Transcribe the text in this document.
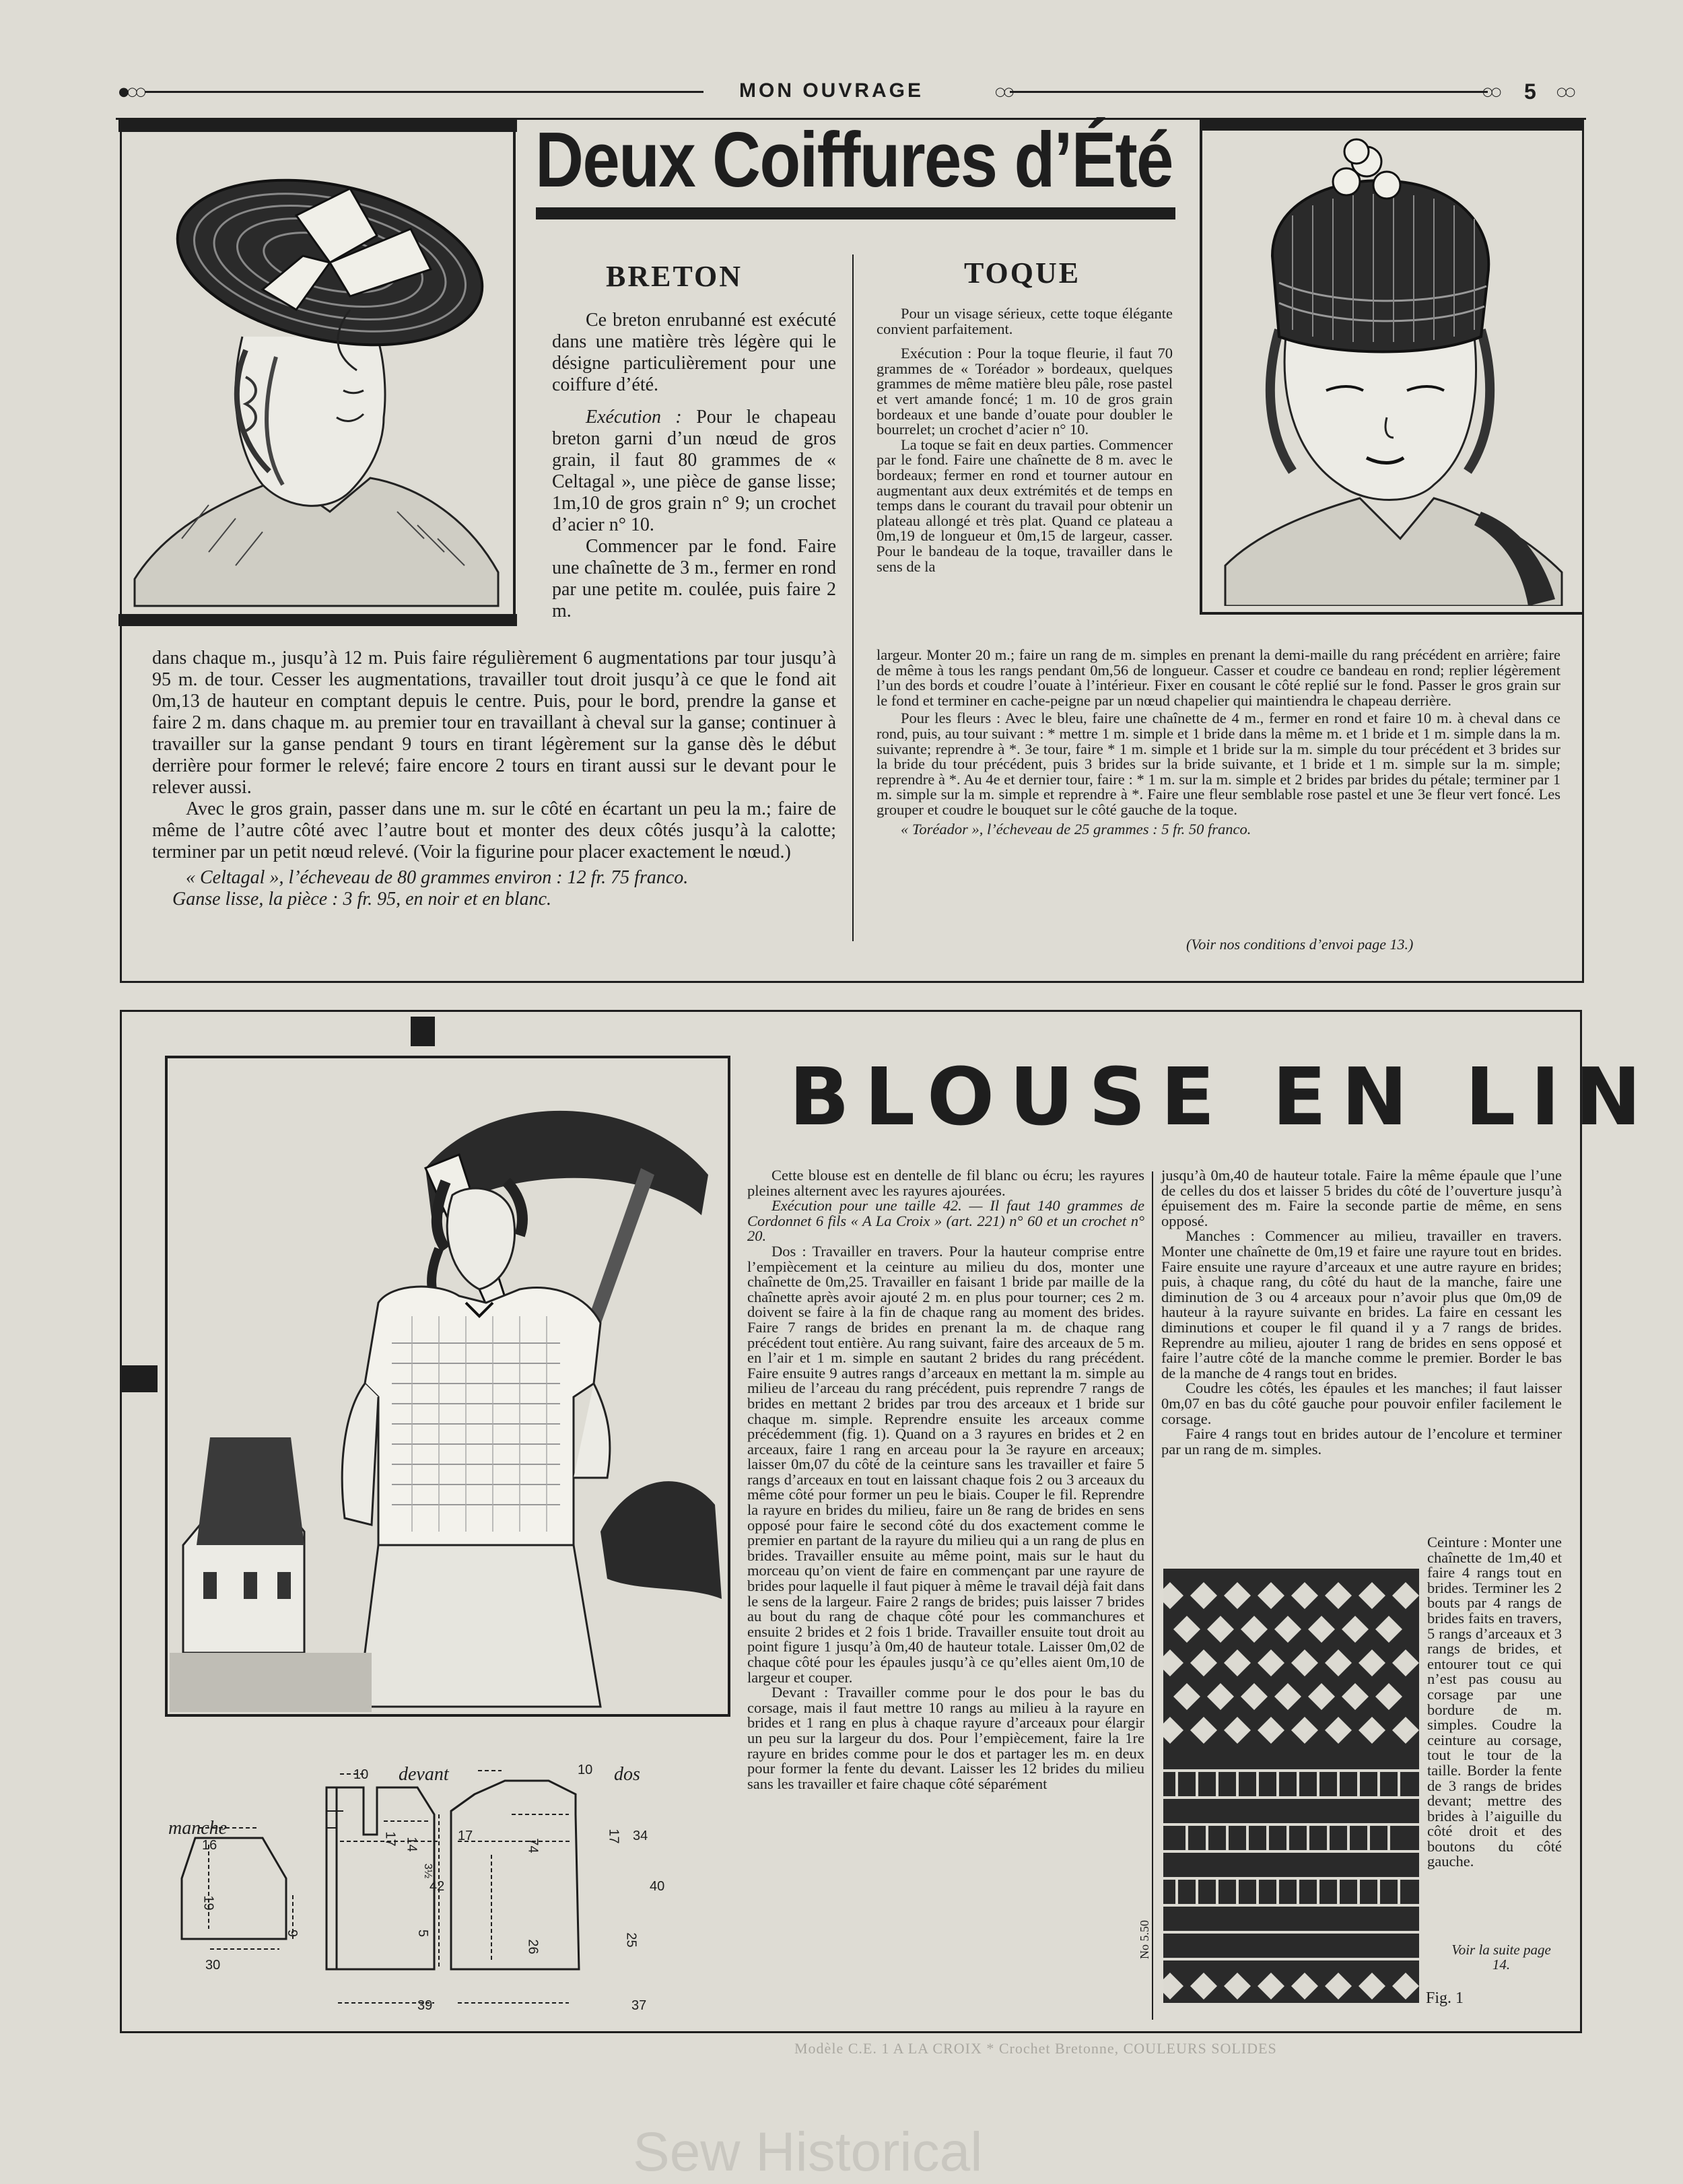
●○○	MON OUVRAGE	○○	○○ 5 ○○
Deux Coiffures d’Été
BRETON

Ce breton enrubanné est exécuté dans une matière très légère qui le désigne particulièrement pour une coiffure d’été.

Exécution : Pour le chapeau breton garni d’un nœud de gros grain, il faut 80 grammes de « Celtagal », une pièce de ganse lisse; 1m,10 de gros grain n° 9; un crochet d’acier n° 10.

Commencer par le fond. Faire une chaînette de 3 m., fermer en rond par une petite m. coulée, puis faire 2 m.

dans chaque m., jusqu’à 12 m. Puis faire régulièrement 6 augmentations par tour jusqu’à 95 m. de tour. Cesser les augmentations, travailler tout droit jusqu’à ce que le fond ait 0m,13 de hauteur en comptant depuis le centre. Puis, pour le bord, prendre la ganse et faire 2 m. dans chaque m. au premier tour en travaillant à cheval sur la ganse; continuer à travailler sur la ganse pendant 9 tours en tirant légèrement sur la ganse dès le début derrière pour former le relevé; faire encore 2 tours en tirant aussi sur le devant pour le relever aussi.

Avec le gros grain, passer dans une m. sur le côté en écartant un peu la m.; faire de même de l’autre côté avec l’autre bout et monter des deux côtés jusqu’à la calotte; terminer par un petit nœud relevé. (Voir la figurine pour placer exactement le nœud.)

« Celtagal », l’écheveau de 80 grammes environ : 12 fr. 75 franco.

Ganse lisse, la pièce : 3 fr. 95, en noir et en blanc.

TOQUE

Pour un visage sérieux, cette toque élégante convient parfaitement.

Exécution : Pour la toque fleurie, il faut 70 grammes de « Toréador » bordeaux, quelques grammes de même matière bleu pâle, rose pastel et vert amande foncé; 1 m. 10 de gros grain bordeaux et une bande d’ouate pour doubler le bourrelet; un crochet d’acier n° 10.

La toque se fait en deux parties. Commencer par le fond. Faire une chaînette de 8 m. avec le bordeaux; fermer en rond et tourner autour en augmentant aux deux extrémités et de temps en temps dans le courant du travail pour obtenir un plateau allongé et très plat. Quand ce plateau a 0m,19 de longueur et 0m,15 de largeur, casser. Pour le bandeau de la toque, travailler dans le sens de la

largeur. Monter 20 m.; faire un rang de m. simples en prenant la demi-maille du rang précédent en arrière; faire de même à tous les rangs pendant 0m,56 de longueur. Casser et coudre ce bandeau en rond; replier légèrement l’un des bords et coudre l’ouate à l’intérieur. Fixer en cousant le côté replié sur le fond. Passer le gros grain sur le fond et terminer en cache-peigne par un nœud chapelier qui maintiendra le chapeau derrière.

Pour les fleurs : Avec le bleu, faire une chaînette de 4 m., fermer en rond et faire 10 m. à cheval dans ce rond, puis, au tour suivant : * mettre 1 m. simple et 1 bride dans la même m. et 1 bride et 1 m. simple dans la m. suivante; reprendre à *. 3e tour, faire * 1 m. simple et 1 bride sur la m. simple du tour précédent et 3 brides sur la bride du tour précédent, puis 3 brides sur la bride suivante, et 1 bride et 1 m. simple sur la m. simple; reprendre à *. Au 4e et dernier tour, faire : * 1 m. sur la m. simple et 2 brides par brides du pétale; terminer par 1 m. simple sur la m. simple et reprendre à *. Faire une fleur semblable rose pastel et une 3e fleur vert foncé. Les grouper et coudre le bouquet sur le côté gauche de la toque.

« Toréador », l’écheveau de 25 grammes : 5 fr. 50 franco.

(Voir nos conditions d’envoi page 13.)
BLOUSE EN LIN

Cette blouse est en dentelle de fil blanc ou écru; les rayures pleines alternent avec les rayures ajourées.

Exécution pour une taille 42. — Il faut 140 grammes de Cordonnet 6 fils « A La Croix » (art. 221) n° 60 et un crochet n° 20.

Dos : Travailler en travers. Pour la hauteur comprise entre l’empiècement et la ceinture au milieu du dos, monter une chaînette de 0m,25. Travailler en faisant 1 bride par maille de la chaînette après avoir ajouté 2 m. en plus pour tourner; ces 2 m. doivent se faire à la fin de chaque rang au moment des brides. Faire 7 rangs de brides en prenant la m. de chaque rang précédent tout entière. Au rang suivant, faire des arceaux de 5 m. en l’air et 1 m. simple en sautant 2 brides du rang précédent. Faire ensuite 9 autres rangs d’arceaux en mettant la m. simple au milieu de l’arceau du rang précédent, puis reprendre 7 rangs de brides en mettant 2 brides par trou des arceaux et 1 bride sur chaque m. simple. Reprendre ensuite les arceaux comme précédemment (fig. 1). Quand on a 3 rayures en brides et 2 en arceaux, faire 1 rang en arceau pour la 3e rayure en arceaux; laisser 0m,07 du côté de la ceinture sans les travailler et faire 5 rangs d’arceaux en tout en laissant chaque fois 2 ou 3 arceaux du même côté pour former un peu le biais. Couper le fil. Reprendre la rayure en brides du milieu, faire un 8e rang de brides en sens opposé pour faire le second côté du dos exactement comme le premier en partant de la rayure du milieu qui a un rang de plus en brides. Travailler ensuite au même point, mais sur le haut du morceau qu’on vient de faire en commençant par une rayure de brides pour laquelle il faut piquer à même le travail déjà fait dans le sens de la largeur. Faire 2 rangs de brides; puis laisser 7 brides au bout du rang de chaque côté pour les commanchures et ensuite 2 brides et 2 fois 1 bride. Travailler ensuite tout droit au point figure 1 jusqu’à 0m,40 de hauteur totale. Laisser 0m,02 de chaque côté pour les épaules jusqu’à ce qu’elles aient 0m,10 de largeur et couper.

Devant : Travailler comme pour le dos pour le bas du corsage, mais il faut mettre 10 rangs au milieu à la rayure en brides et 1 rang en plus à chaque rayure d’arceaux pour élargir un peu sur la largeur du dos. Pour l’empiècement, faire la 1re rayure en brides comme pour le dos et partager les m. en deux pour former la fente du devant. Laisser les 12 brides du milieu sans les travailler et faire chaque côté séparément

jusqu’à 0m,40 de hauteur totale. Faire la même épaule que l’une de celles du dos et laisser 5 brides du côté de l’ouverture jusqu’à épuisement des m. Faire la seconde partie de même, en sens opposé.

Manches : Commencer au milieu, travailler en travers. Monter une chaînette de 0m,19 et faire une rayure tout en brides. Faire ensuite une rayure d’arceaux et une autre rayure en brides; puis, à chaque rang, du côté du haut de la manche, faire une diminution de 3 ou 4 arceaux pour n’avoir plus que 0m,09 de hauteur à la rayure suivante en brides. La faire en cessant les diminutions et couper le fil quand il y a 7 rangs de brides. Reprendre au milieu, ajouter 1 rang de brides en sens opposé et faire l’autre côté de la manche comme le premier. Border le bas de la manche de 4 rangs tout en brides.

Coudre les côtés, les épaules et les manches; il faut laisser 0m,07 en bas du côté gauche pour pouvoir enfiler facilement le corsage.

Faire 4 rangs tout en brides autour de l’encolure et terminer par un rang de m. simples.

Ceinture : Monter une chaînette de 1m,40 et faire 4 rangs tout en brides. Terminer les 2 bouts par 4 rangs de brides faits en travers, 5 rangs d’arceaux et 3 rangs de brides, et entourer tout ce qui n’est pas cousu au corsage par une bordure de m. simples. Coudre la ceinture au corsage, tout le tour de la taille. Border la fente de 3 rangs de brides devant; mettre des brides à l’aiguille du côté droit et des boutons du côté gauche.

Voir la suite page 14.
No 5.50
Fig. 1
manche
devant	dos
16
19
9
30
10
17 14
3½
17
42
5
26
39
74
10
17 34
40
25
37
Modèle C.E. 1 A LA CROIX * Crochet Bretonne, COULEURS SOLIDES
Sew Historical
